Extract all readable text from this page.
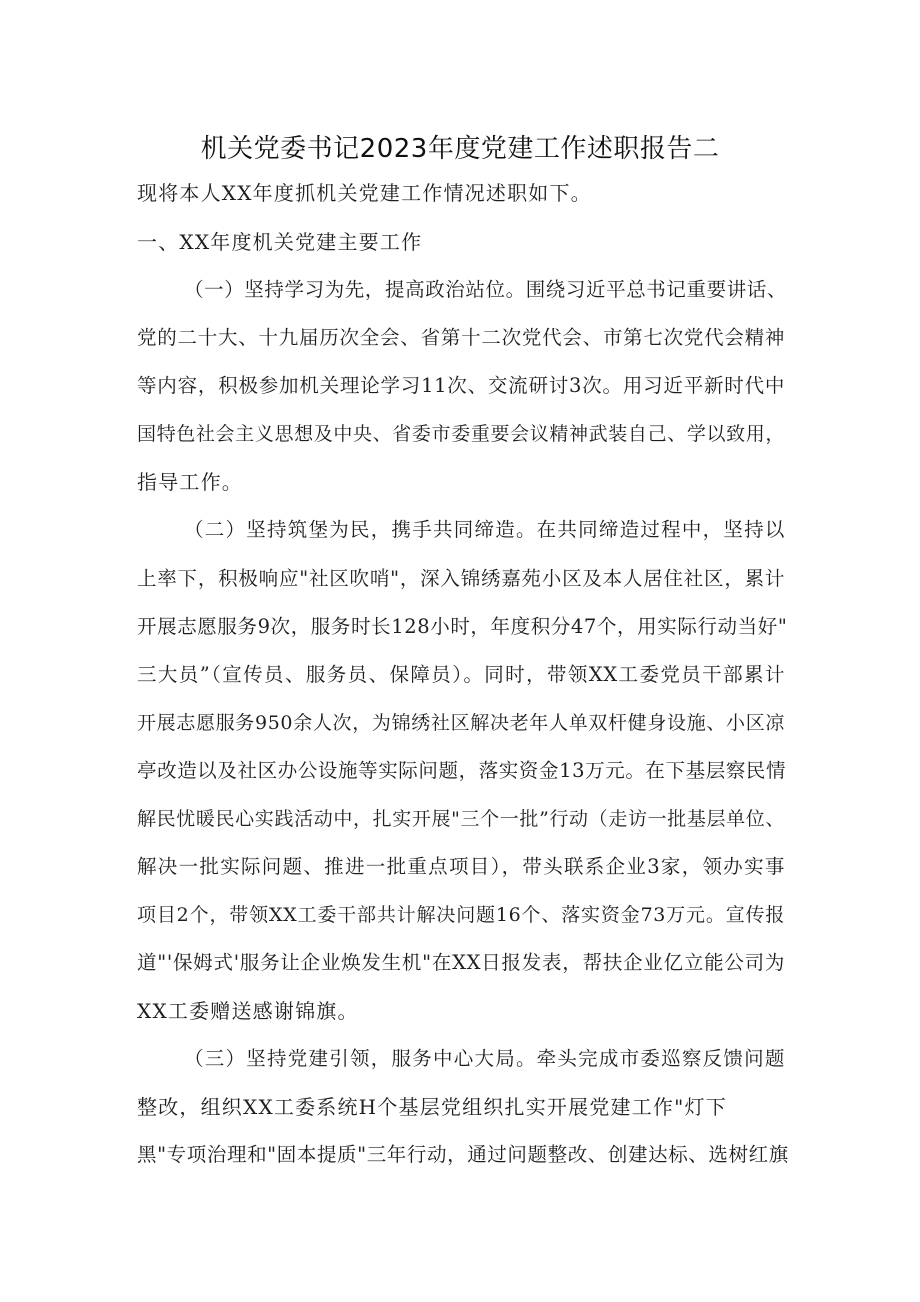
机关党委书记2023年度党建工作述职报告二
现将本人XX年度抓机关党建工作情况述职如下。
一、XX年度机关党建主要工作
（一）坚持学习为先，提高政治站位。围绕习近平总书记重要讲话、
党的二十大、十九届历次全会、省第十二次党代会、市第七次党代会精神
等内容，积极参加机关理论学习11次、交流研讨3次。用习近平新时代中
国特色社会主义思想及中央、省委市委重要会议精神武装自己、学以致用，
指导工作。
（二）坚持筑堡为民，携手共同缔造。在共同缔造过程中，坚持以
上率下，积极响应"社区吹哨"，深入锦绣嘉苑小区及本人居住社区，累计
开展志愿服务9次，服务时长128小时，年度积分47个，用实际行动当好"
三大员”（宣传员、服务员、保障员）。同时，带领XX工委党员干部累计
开展志愿服务950余人次，为锦绣社区解决老年人单双杆健身设施、小区凉
亭改造以及社区办公设施等实际问题，落实资金13万元。在下基层察民情
解民忧暖民心实践活动中，扎实开展"三个一批”行动（走访一批基层单位、
解决一批实际问题、推进一批重点项目），带头联系企业3家，领办实事
项目2个，带领XX工委干部共计解决问题16个、落实资金73万元。宣传报
道"'保姆式'服务让企业焕发生机"在XX日报发表，帮扶企业亿立能公司为
XX工委赠送感谢锦旗。
（三）坚持党建引领，服务中心大局。牵头完成市委巡察反馈问题
整改，组织XX工委系统H个基层党组织扎实开展党建工作"灯下
黑"专项治理和"固本提质"三年行动，通过问题整改、创建达标、选树红旗
